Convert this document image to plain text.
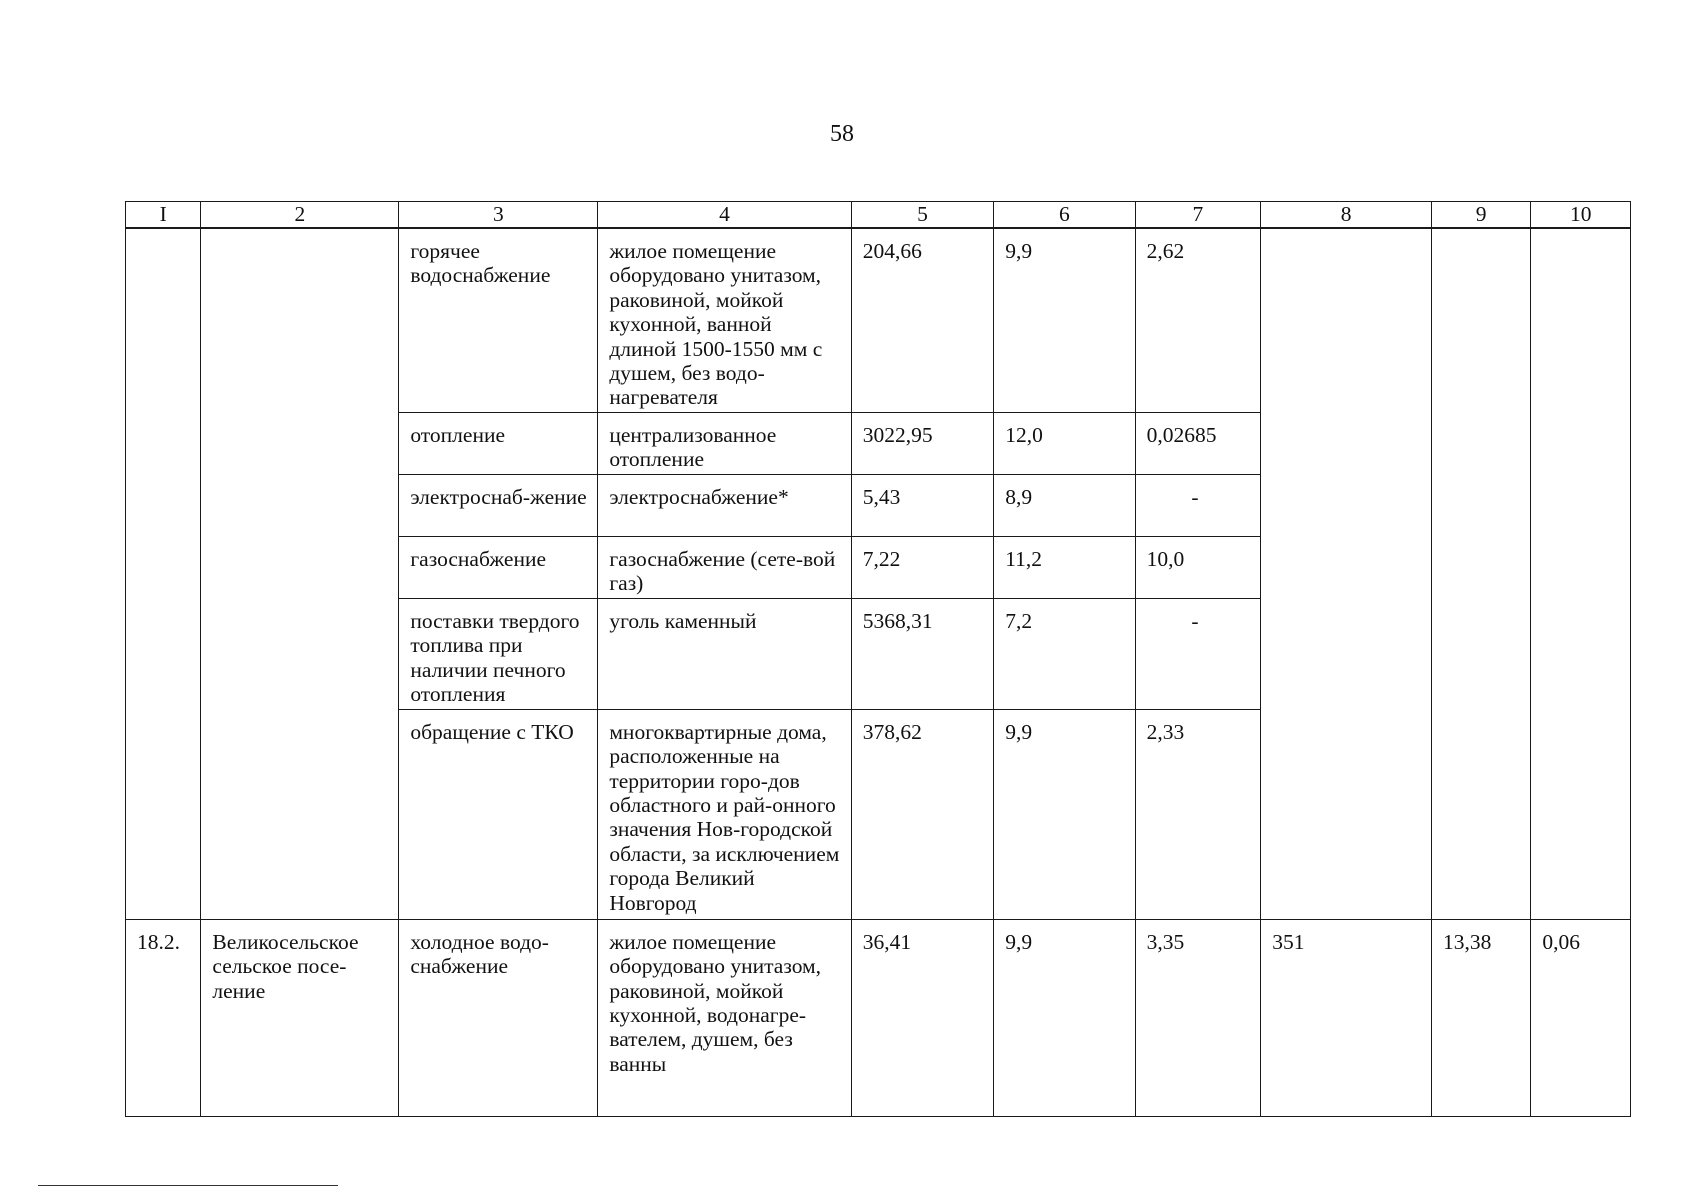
58
I	2	3	4	5	6	7	8	9	10
		горячее водоснабжение	жилое помещение оборудовано унитазом, раковиной, мойкой кухонной, ванной длиной 1500-1550 мм с душем, без водо-нагревателя	204,66	9,9	2,62			
		отопление	централизованное отопление	3022,95	12,0	0,02685			
		электроснаб-жение	электроснабжение*	5,43	8,9	-			
		газоснабжение	газоснабжение (сете-вой газ)	7,22	11,2	10,0			
		поставки твердого топлива при наличии печного отопления	уголь каменный	5368,31	7,2	-			
		обращение с ТКО	многоквартирные дома, расположенные на территории горо-дов областного и рай-онного значения Нов-городской области, за исключением города Великий Новгород	378,62	9,9	2,33			
18.2.	Великосельское сельское посе-ление	холодное водо-снабжение	жилое помещение оборудовано унитазом, раковиной, мойкой кухонной, водонагре-вателем, душем, без ванны	36,41	9,9	3,35	351	13,38	0,06
